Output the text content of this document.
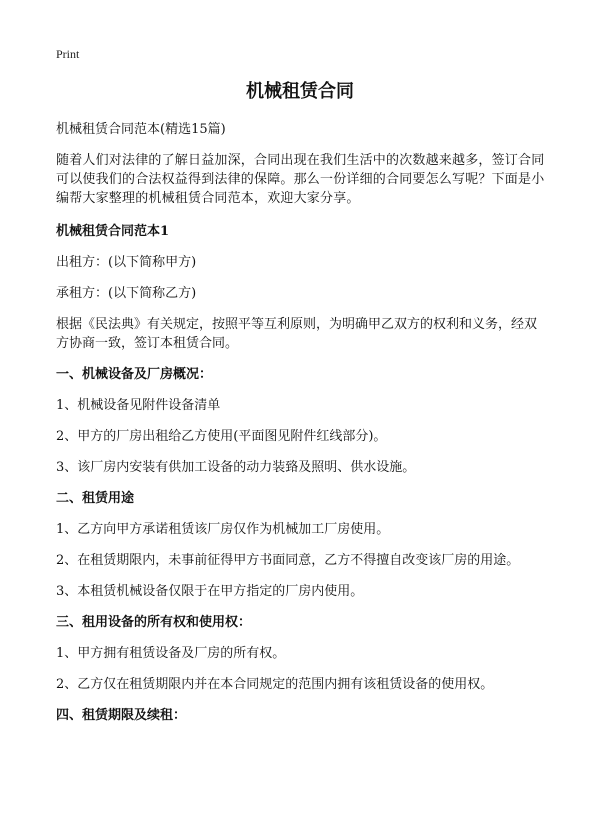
Print
机械租赁合同

机械租赁合同范本(精选15篇)

随着人们对法律的了解日益加深，合同出现在我们生活中的次数越来越多，签订合同可以使我们的合法权益得到法律的保障。那么一份详细的合同要怎么写呢？下面是小编帮大家整理的机械租赁合同范本，欢迎大家分享。

机械租赁合同范本1

出租方：(以下简称甲方)

承租方：(以下简称乙方)

根据《民法典》有关规定，按照平等互利原则，为明确甲乙双方的权利和义务，经双方协商一致，签订本租赁合同。

一、机械设备及厂房概况：

1、机械设备见附件设备清单

2、甲方的厂房出租给乙方使用(平面图见附件红线部分)。

3、该厂房内安装有供加工设备的动力装臵及照明、供水设施。

二、租赁用途

1、乙方向甲方承诺租赁该厂房仅作为机械加工厂房使用。

2、在租赁期限内，未事前征得甲方书面同意，乙方不得擅自改变该厂房的用途。

3、本租赁机械设备仅限于在甲方指定的厂房内使用。

三、租用设备的所有权和使用权：

1、甲方拥有租赁设备及厂房的所有权。

2、乙方仅在租赁期限内并在本合同规定的范围内拥有该租赁设备的使用权。

四、租赁期限及续租：
